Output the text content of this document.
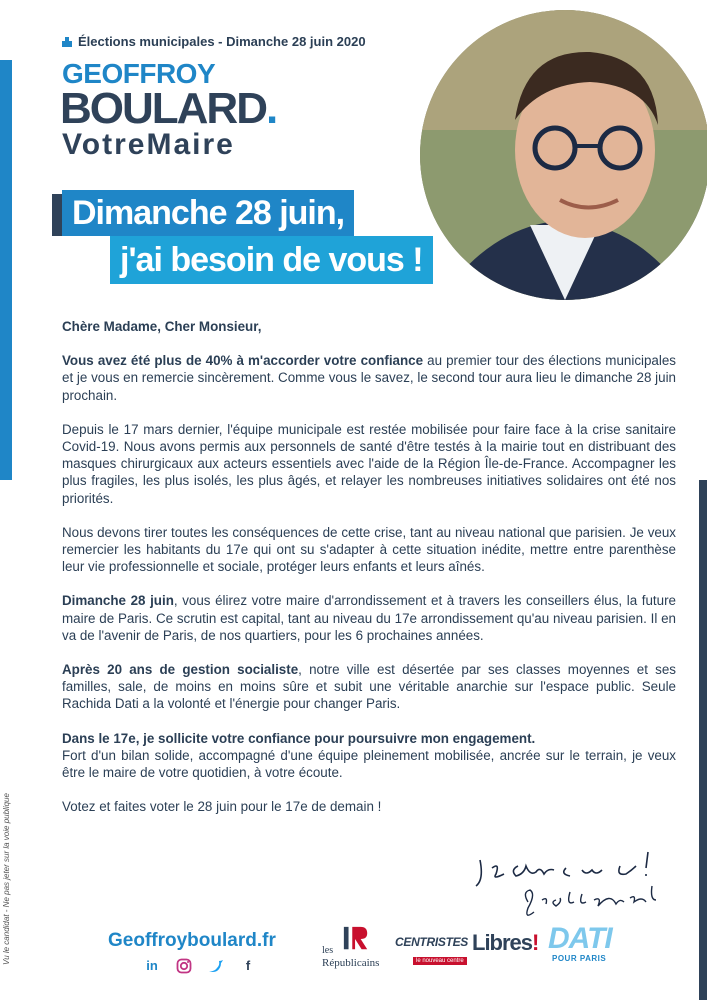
Élections municipales - Dimanche 28 juin 2020
GEOFFROY
BOULARD.
VotreMaire
Dimanche 28 juin,
j'ai besoin de vous !

Chère Madame, Cher Monsieur,

Vous avez été plus de 40% à m'accorder votre confiance au premier tour des élections municipales et je vous en remercie sincèrement. Comme vous le savez, le second tour aura lieu le dimanche 28 juin prochain.

Depuis le 17 mars dernier, l'équipe municipale est restée mobilisée pour faire face à la crise sanitaire Covid-19. Nous avons permis aux personnels de santé d'être testés à la mairie tout en distribuant des masques chirurgicaux aux acteurs essentiels avec l'aide de la Région Île-de-France. Accompagner les plus fragiles, les plus isolés, les plus âgés, et relayer les nombreuses initiatives solidaires ont été nos priorités.

Nous devons tirer toutes les conséquences de cette crise, tant au niveau national que parisien. Je veux remercier les habitants du 17e qui ont su s'adapter à cette situation inédite, mettre entre parenthèse leur vie professionnelle et sociale, protéger leurs enfants et leurs aînés.

Dimanche 28 juin, vous élirez votre maire d'arrondissement et à travers les conseillers élus, la future maire de Paris. Ce scrutin est capital, tant au niveau du 17e arrondissement qu'au niveau parisien. Il en va de l'avenir de Paris, de nos quartiers, pour les 6 prochaines années.

Après 20 ans de gestion socialiste, notre ville est désertée par ses classes moyennes et ses familles, sale, de moins en moins sûre et subit une véritable anarchie sur l'espace public. Seule Rachida Dati a la volonté et l'énergie pour changer Paris.

Dans le 17e, je sollicite votre confiance pour poursuivre mon engagement.
Fort d'un bilan solide, accompagné d'une équipe pleinement mobilisée, ancrée sur le terrain, je veux être le maire de votre quotidien, à votre écoute.

Votez et faites voter le 28 juin pour le 17e de demain !

Vu le candidat - Ne pas jeter sur la voie publique	Geoffroyboulard.fr
in	f
les
Républicains
CENTRISTES
le nouveau centre
Libres! DATI
POUR PARIS
